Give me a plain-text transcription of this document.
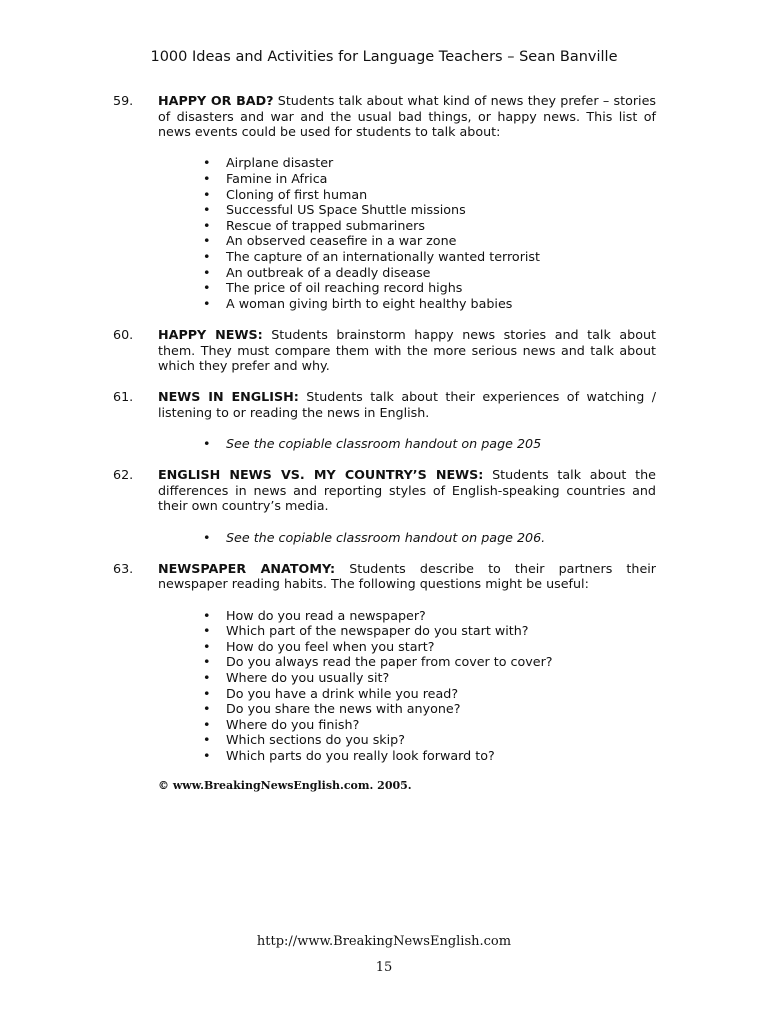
1000 Ideas and Activities for Language Teachers – Sean Banville
59. HAPPY OR BAD? Students talk about what kind of news they prefer – stories of disasters and war and the usual bad things, or happy news. This list of news events could be used for students to talk about:
• Airplane disaster
• Famine in Africa
• Cloning of first human
• Successful US Space Shuttle missions
• Rescue of trapped submariners
• An observed ceasefire in a war zone
• The capture of an internationally wanted terrorist
• An outbreak of a deadly disease
• The price of oil reaching record highs
• A woman giving birth to eight healthy babies
60. HAPPY NEWS: Students brainstorm happy news stories and talk about them. They must compare them with the more serious news and talk about which they prefer and why.
61. NEWS IN ENGLISH: Students talk about their experiences of watching / listening to or reading the news in English.
• See the copiable classroom handout on page 205
62. ENGLISH NEWS VS. MY COUNTRY’S NEWS: Students talk about the differences in news and reporting styles of English-speaking countries and their own country’s media.
• See the copiable classroom handout on page 206.
63. NEWSPAPER ANATOMY: Students describe to their partners their newspaper reading habits. The following questions might be useful:
• How do you read a newspaper?
• Which part of the newspaper do you start with?
• How do you feel when you start?
• Do you always read the paper from cover to cover?
• Where do you usually sit?
• Do you have a drink while you read?
• Do you share the news with anyone?
• Where do you finish?
• Which sections do you skip?
• Which parts do you really look forward to?
© www.BreakingNewsEnglish.com. 2005.
http://www.BreakingNewsEnglish.com
15
